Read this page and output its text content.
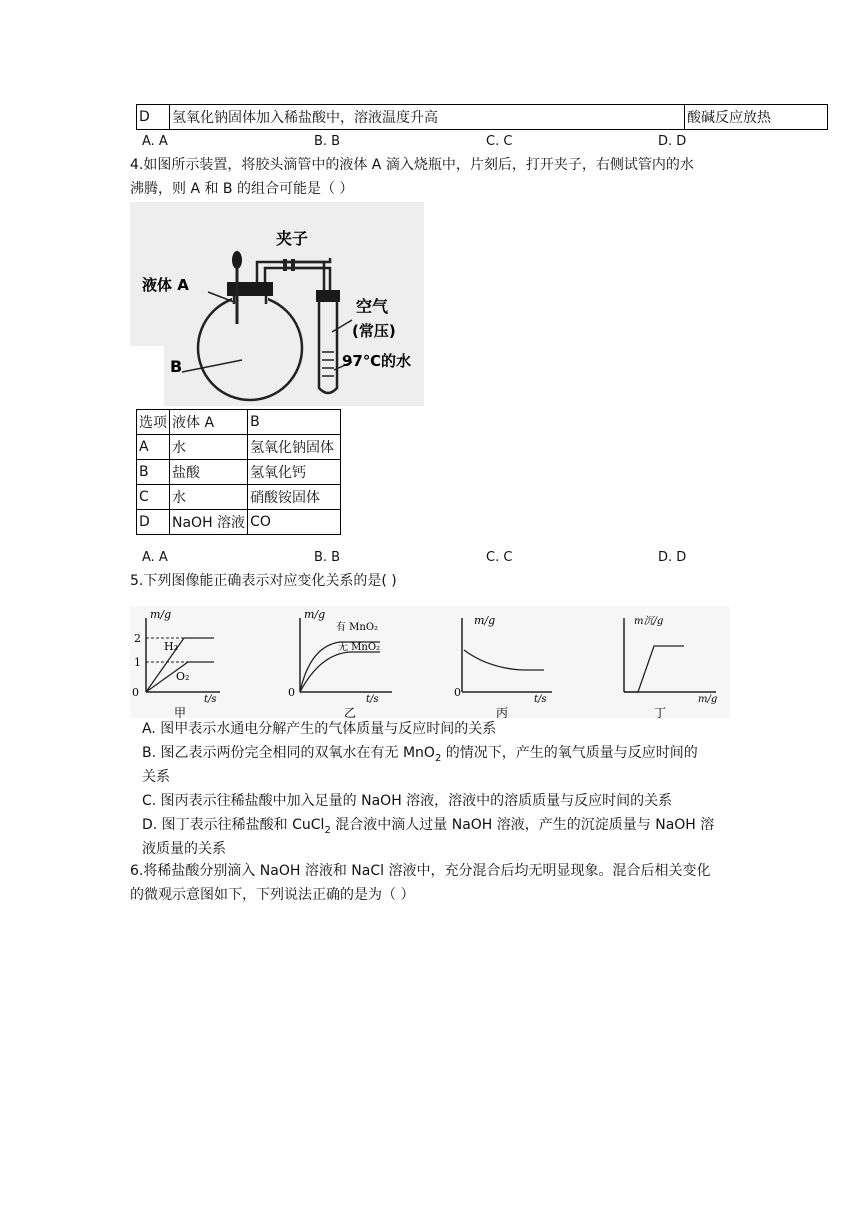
D	氢氧化钠固体加入稀盐酸中，溶液温度升高	酸碱反应放热
A. A	B. B	C. C	D. D
4.如图所示装置，将胶头滴管中的液体 A 滴入烧瓶中，片刻后，打开夹子，右侧试管内的水
沸腾，则 A 和 B 的组合可能是（ ）
夹子
液体 A
空气
(常压)
97℃的水
B
选项	液体 A	B
A	水	氢氧化钠固体
B	盐酸	氢氧化钙
C	水	硝酸铵固体
D	NaOH 溶液	CO
A. A	B. B	C. C	D. D
5.下列图像能正确表示对应变化关系的是( )
m/g
t/s
0
2
1
H₂
O₂
甲
m/g
t/s
0
有 MnO₂
无 MnO₂
乙
m/g
t/s
0
丙
m沉/g
m/g
丁
A. 图甲表示水通电分解产生的气体质量与反应时间的关系
B. 图乙表示两份完全相同的双氧水在有无 MnO$_2$ 的情况下，产生的氧气质量与反应时间的
关系
C. 图丙表示往稀盐酸中加入足量的 NaOH 溶液，溶液中的溶质质量与反应时间的关系
D. 图丁表示往稀盐酸和 CuCl$_2$ 混合液中滴人过量 NaOH 溶液，产生的沉淀质量与 NaOH 溶
液质量的关系
6.将稀盐酸分别滴入 NaOH 溶液和 NaCl 溶液中，充分混合后均无明显现象。混合后相关变化
的微观示意图如下，下列说法正确的是为（ ）
